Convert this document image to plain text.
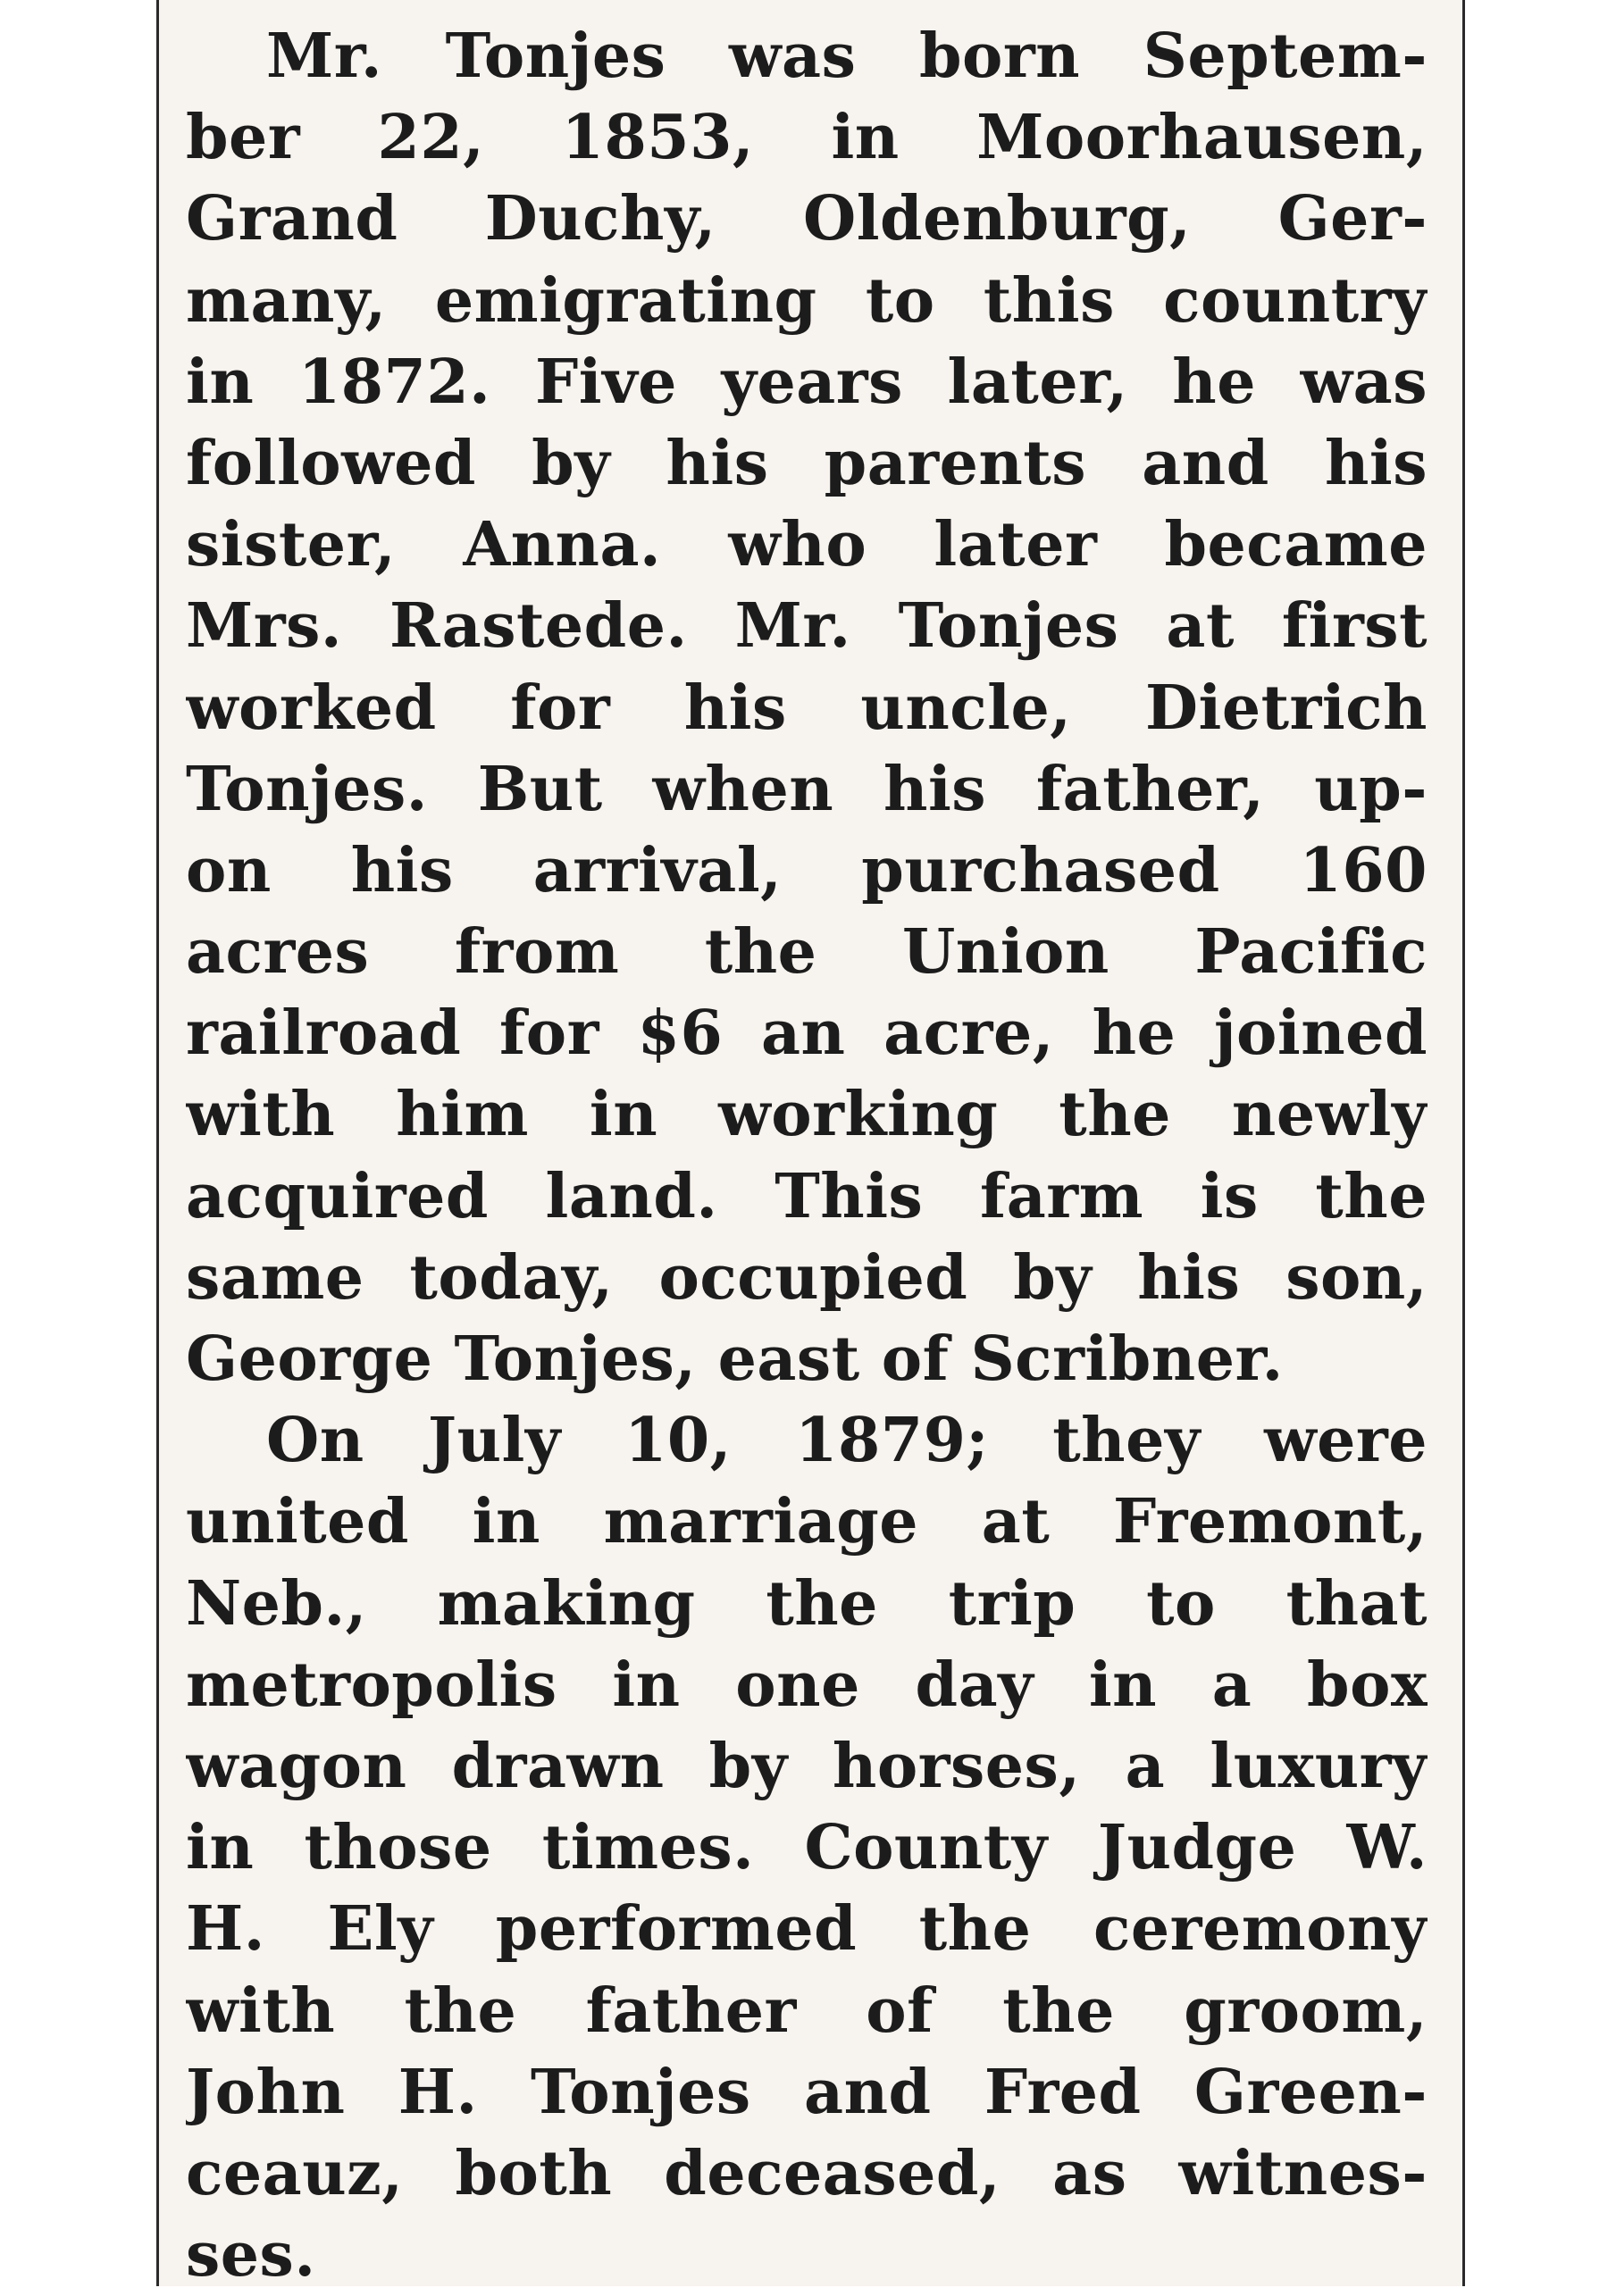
Mr. Tonjes was born Septem-
ber 22, 1853, in Moorhausen,
Grand Duchy, Oldenburg, Ger-
many, emigrating to this country
in 1872. Five years later, he was
followed by his parents and his
sister, Anna. who later became
Mrs. Rastede. Mr. Tonjes at first
worked for his uncle, Dietrich
Tonjes. But when his father, up-
on his arrival, purchased 160
acres from the Union Pacific
railroad for $6 an acre, he joined
with him in working the newly
acquired land. This farm is the
same today, occupied by his son,
George Tonjes, east of Scribner.
On July 10, 1879; they were
united in marriage at Fremont,
Neb., making the trip to that
metropolis in one day in a box
wagon drawn by horses, a luxury
in those times. County Judge W.
H. Ely performed the ceremony
with the father of the groom,
John H. Tonjes and Fred Green-
ceauz, both deceased, as witnes-
ses.
